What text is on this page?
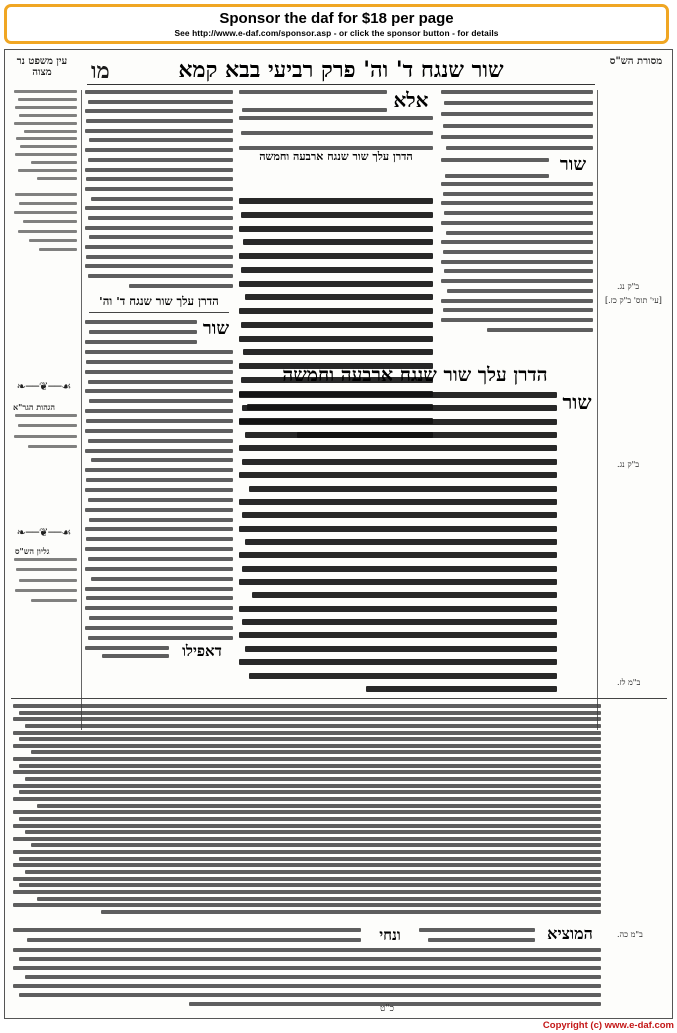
Sponsor the daf for $18 per page
See http://www.e-daf.com/sponsor.asp - or click the sponsor button - for details
עין משפט נר מצוה	מו	שור שנגח ד' וה' פרק רביעי בבא קמא	מסורת הש"ס
הדרן עלך שור שנגח ד' וה'
שור
דאפילו
הגהות הגר"א
גליון הש"ס
אלא
הדרן עלך שור שנגח ארבעה וחמשה	שור
ב"ק נג.
[עי' תוס' ב"ק כז.]
ב"ק נג.
ב"מ לז.
ב"מ כה.
הדרן עלך שור שנגח ארבעה וחמשה
שור
❧──❦──☙
❧──❦──☙
המוציא
ונחי
כ"ט
Copyright (c) www.e-daf.com
